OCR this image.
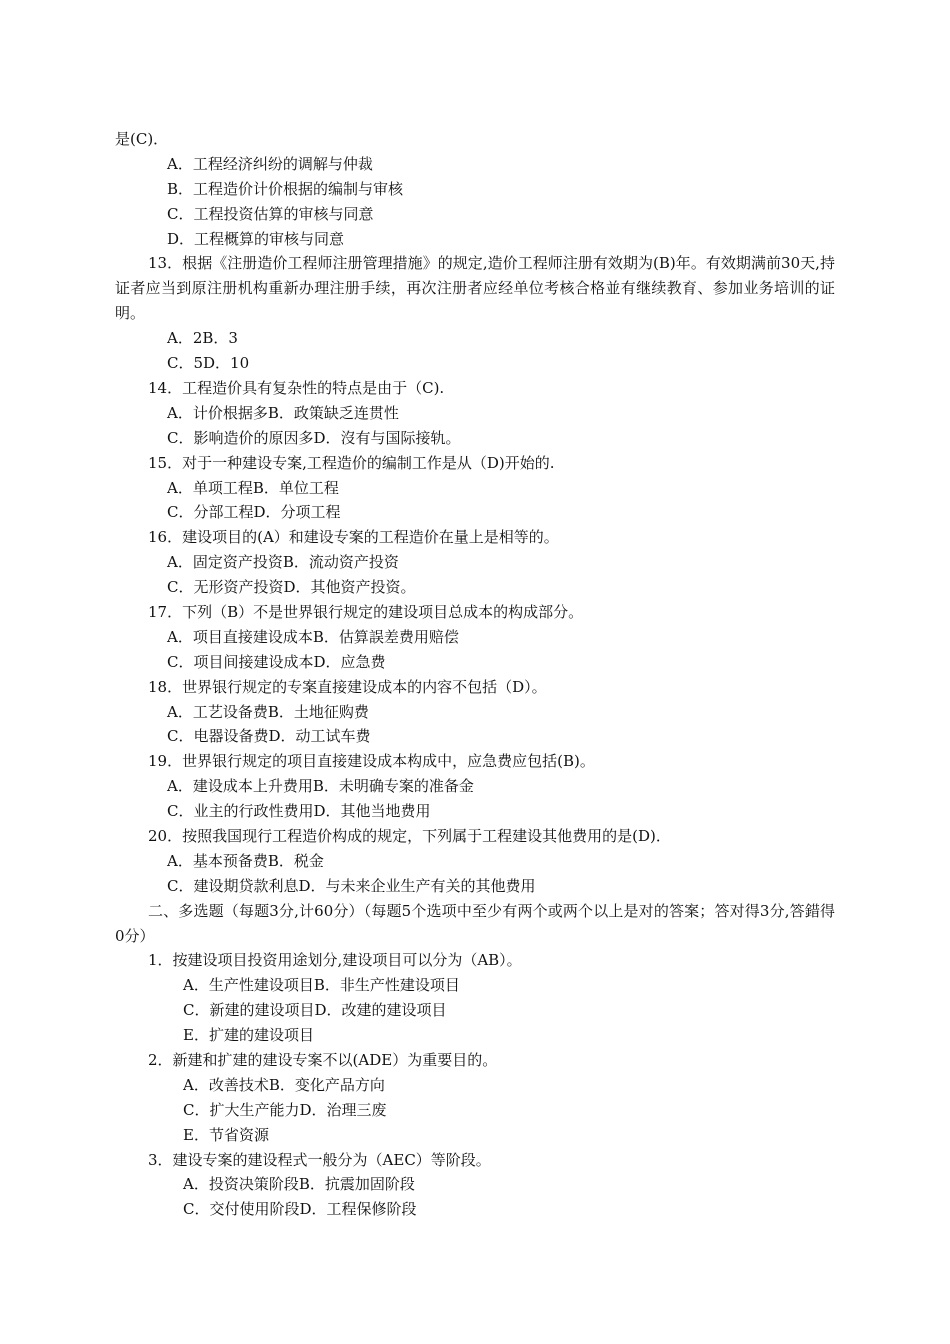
是(C)．
A．工程经济纠纷的调解与仲裁
B．工程造价计价根据的编制与审核
C．工程投资估算的审核与同意
D．工程概算的审核与同意
13．根据《注册造价工程师注册管理措施》的规定,造价工程师注册有效期为(B)年。有效期满前30天,持证者应当到原注册机构重新办理注册手续，再次注册者应经单位考核合格並有继续教育、参加业务培训的证明。
A．2B．3
C．5D．10
14．工程造价具有复杂性的特点是由于（C).
A．计价根据多B．政策缺乏连贯性
C．影响造价的原因多D．沒有与国际接轨。
15．对于一种建设专案,工程造价的编制工作是从（D)开始的.
A．单项工程B．单位工程
C．分部工程D．分项工程
16．建设项目的(A）和建设专案的工程造价在量上是相等的。
A．固定资产投资B．流动资产投资
C．无形资产投资D．其他资产投资。
17．下列（B）不是世界银行规定的建设项目总成本的构成部分。
A．项目直接建设成本B．估算誤差费用赔偿
C．项目间接建设成本D．应急费
18．世界银行规定的专案直接建设成本的内容不包括（D）。
A．工艺设备费B．土地征购费
C．电器设备费D．动工试车费
19．世界银行规定的项目直接建设成本构成中，应急费应包括(B)。
A．建设成本上升费用B．未明确专案的准备金
C．业主的行政性费用D．其他当地费用
20．按照我国现行工程造价构成的规定，下列属于工程建设其他费用的是(D)．
A．基本预备费B．税金
C．建设期贷款利息D．与未来企业生产有关的其他费用
二、多选题（每题3分,计60分）（每题5个选项中至少有两个或两个以上是对的答案；答对得3分,答錯得0分）
1．按建设项目投资用途划分,建设项目可以分为（AB）。
A．生产性建设项目B．非生产性建设项目
C．新建的建设项目D．改建的建设项目
E．扩建的建设项目
2．新建和扩建的建设专案不以(ADE）为重要目的。
A．改善技术B．变化产品方向
C．扩大生产能力D．治理三废
E．节省资源
3．建设专案的建设程式一般分为（AEC）等阶段。
A．投资决策阶段B．抗震加固阶段
C．交付使用阶段D．工程保修阶段
